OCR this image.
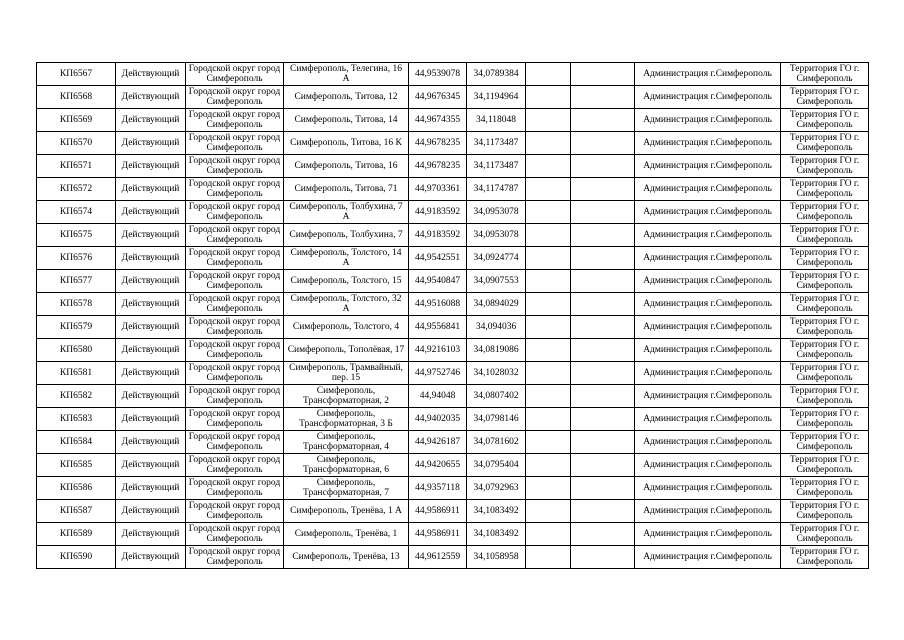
КП6567	Действующий	Городской округ город Симферополь	Симферополь, Телегина, 16 А	44,9539078	34,0789384			Администрация г.Симферополь	Территория ГО г. Симферополь
КП6568	Действующий	Городской округ город Симферополь	Симферополь, Титова, 12	44,9676345	34,1194964			Администрация г.Симферополь	Территория ГО г. Симферополь
КП6569	Действующий	Городской округ город Симферополь	Симферополь, Титова, 14	44,9674355	34,118048			Администрация г.Симферополь	Территория ГО г. Симферополь
КП6570	Действующий	Городской округ город Симферополь	Симферополь, Титова, 16 К	44,9678235	34,1173487			Администрация г.Симферополь	Территория ГО г. Симферополь
КП6571	Действующий	Городской округ город Симферополь	Симферополь, Титова, 16	44,9678235	34,1173487			Администрация г.Симферополь	Территория ГО г. Симферополь
КП6572	Действующий	Городской округ город Симферополь	Симферополь, Титова, 71	44,9703361	34,1174787			Администрация г.Симферополь	Территория ГО г. Симферополь
КП6574	Действующий	Городской округ город Симферополь	Симферополь, Толбухина, 7 А	44,9183592	34,0953078			Администрация г.Симферополь	Территория ГО г. Симферополь
КП6575	Действующий	Городской округ город Симферополь	Симферополь, Толбухина, 7	44,9183592	34,0953078			Администрация г.Симферополь	Территория ГО г. Симферополь
КП6576	Действующий	Городской округ город Симферополь	Симферополь, Толстого, 14 А	44,9542551	34,0924774			Администрация г.Симферополь	Территория ГО г. Симферополь
КП6577	Действующий	Городской округ город Симферополь	Симферополь, Толстого, 15	44,9540847	34,0907553			Администрация г.Симферополь	Территория ГО г. Симферополь
КП6578	Действующий	Городской округ город Симферополь	Симферополь, Толстого, 32 А	44,9516088	34,0894029			Администрация г.Симферополь	Территория ГО г. Симферополь
КП6579	Действующий	Городской округ город Симферополь	Симферополь, Толстого, 4	44,9556841	34,094036			Администрация г.Симферополь	Территория ГО г. Симферополь
КП6580	Действующий	Городской округ город Симферополь	Симферополь, Тополёвая, 17	44,9216103	34,0819086			Администрация г.Симферополь	Территория ГО г. Симферополь
КП6581	Действующий	Городской округ город Симферополь	Симферополь, Трамвайный, пер. 15	44,9752746	34,1028032			Администрация г.Симферополь	Территория ГО г. Симферополь
КП6582	Действующий	Городской округ город Симферополь	Симферополь, Трансформаторная, 2	44,94048	34,0807402			Администрация г.Симферополь	Территория ГО г. Симферополь
КП6583	Действующий	Городской округ город Симферополь	Симферополь, Трансформаторная, 3 Б	44,9402035	34,0798146			Администрация г.Симферополь	Территория ГО г. Симферополь
КП6584	Действующий	Городской округ город Симферополь	Симферополь, Трансформаторная, 4	44,9426187	34,0781602			Администрация г.Симферополь	Территория ГО г. Симферополь
КП6585	Действующий	Городской округ город Симферополь	Симферополь, Трансформаторная, 6	44,9420655	34,0795404			Администрация г.Симферополь	Территория ГО г. Симферополь
КП6586	Действующий	Городской округ город Симферополь	Симферополь, Трансформаторная, 7	44,9357118	34,0792963			Администрация г.Симферополь	Территория ГО г. Симферополь
КП6587	Действующий	Городской округ город Симферополь	Симферополь, Тренёва, 1 А	44,9586911	34,1083492			Администрация г.Симферополь	Территория ГО г. Симферополь
КП6589	Действующий	Городской округ город Симферополь	Симферополь, Тренёва, 1	44,9586911	34,1083492			Администрация г.Симферополь	Территория ГО г. Симферополь
КП6590	Действующий	Городской округ город Симферополь	Симферополь, Тренёва, 13	44,9612559	34,1058958			Администрация г.Симферополь	Территория ГО г. Симферополь
